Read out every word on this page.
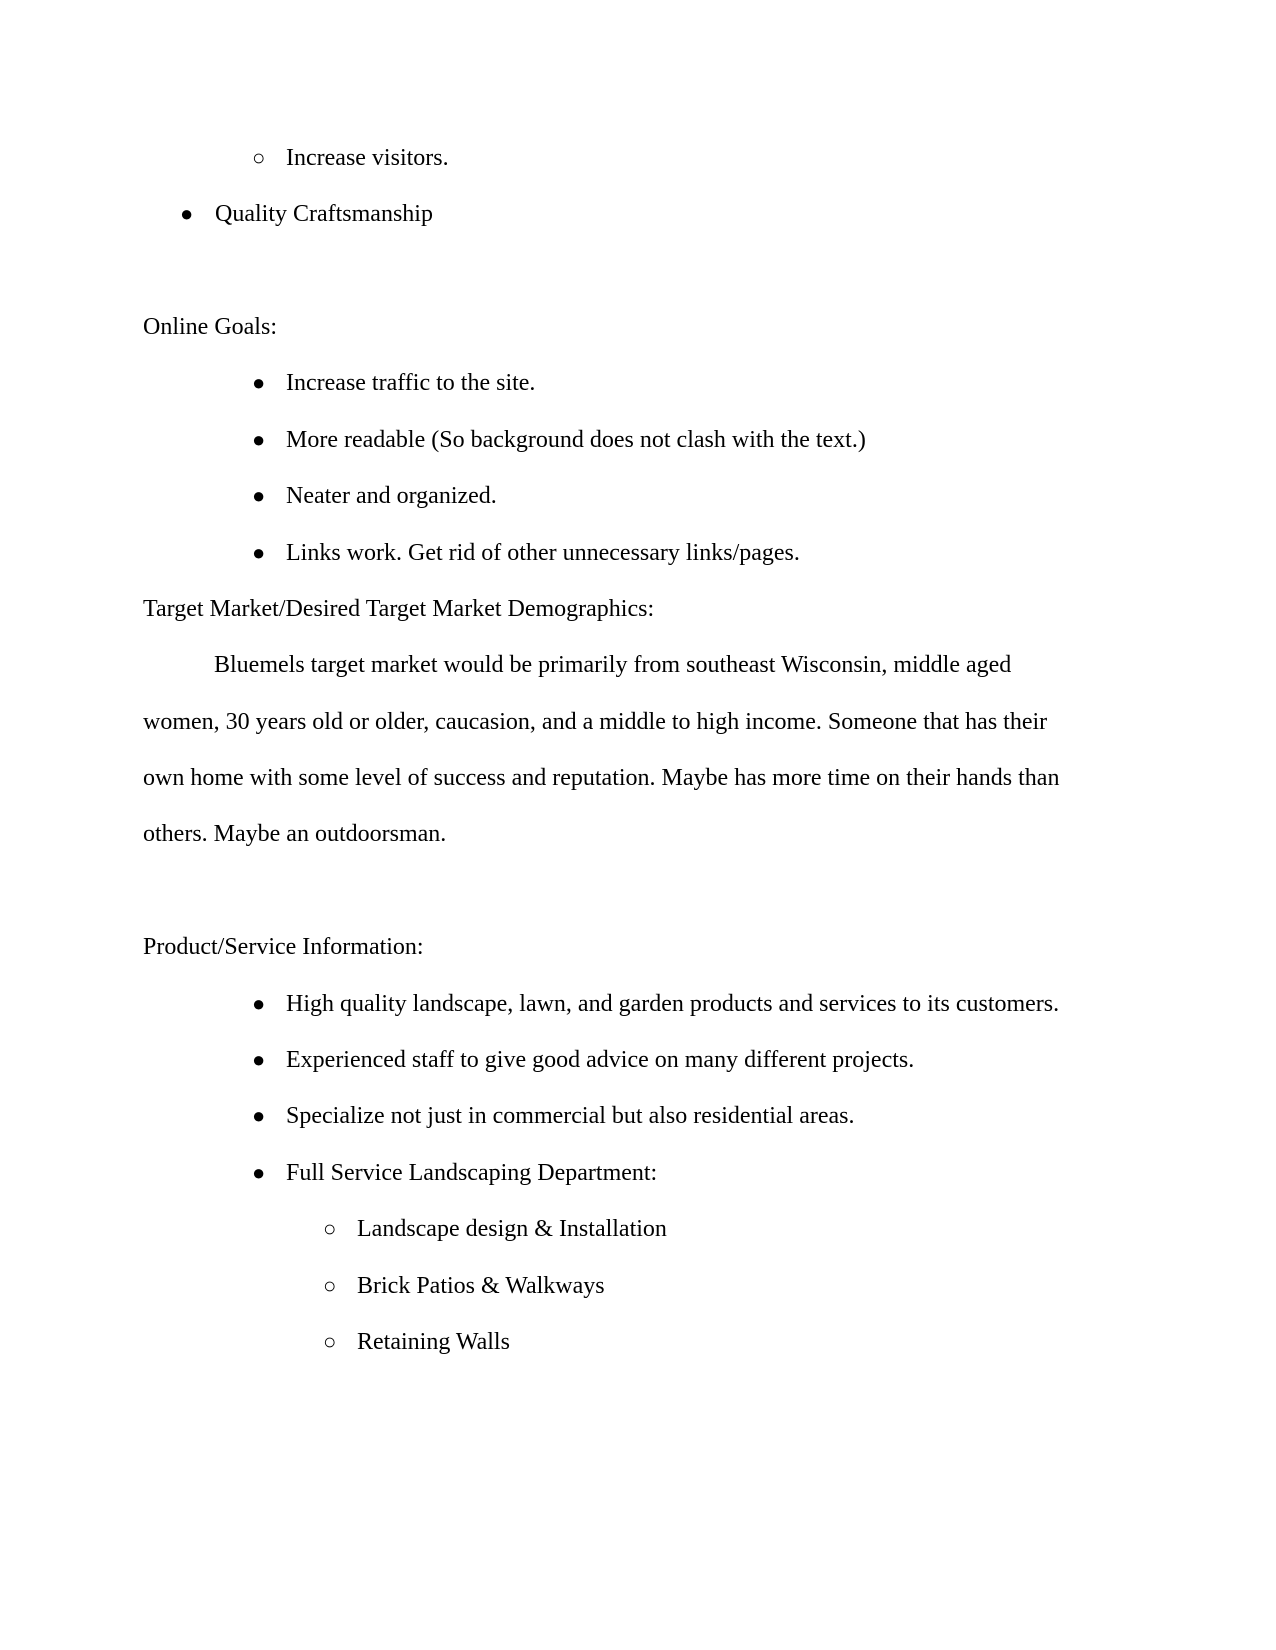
○ Increase visitors.
● Quality Craftsmanship
Online Goals:
● Increase traffic to the site.
● More readable (So background does not clash with the text.)
● Neater and organized.
● Links work. Get rid of other unnecessary links/pages.
Target Market/Desired Target Market Demographics:
Bluemels target market would be primarily from southeast Wisconsin, middle aged
women, 30 years old or older, caucasion, and a middle to high income. Someone that has their
own home with some level of success and reputation. Maybe has more time on their hands than
others. Maybe an outdoorsman.
Product/Service Information:
● High quality landscape, lawn, and garden products and services to its customers.
● Experienced staff to give good advice on many different projects.
● Specialize not just in commercial but also residential areas.
● Full Service Landscaping Department:
○ Landscape design & Installation
○ Brick Patios & Walkways
○ Retaining Walls
